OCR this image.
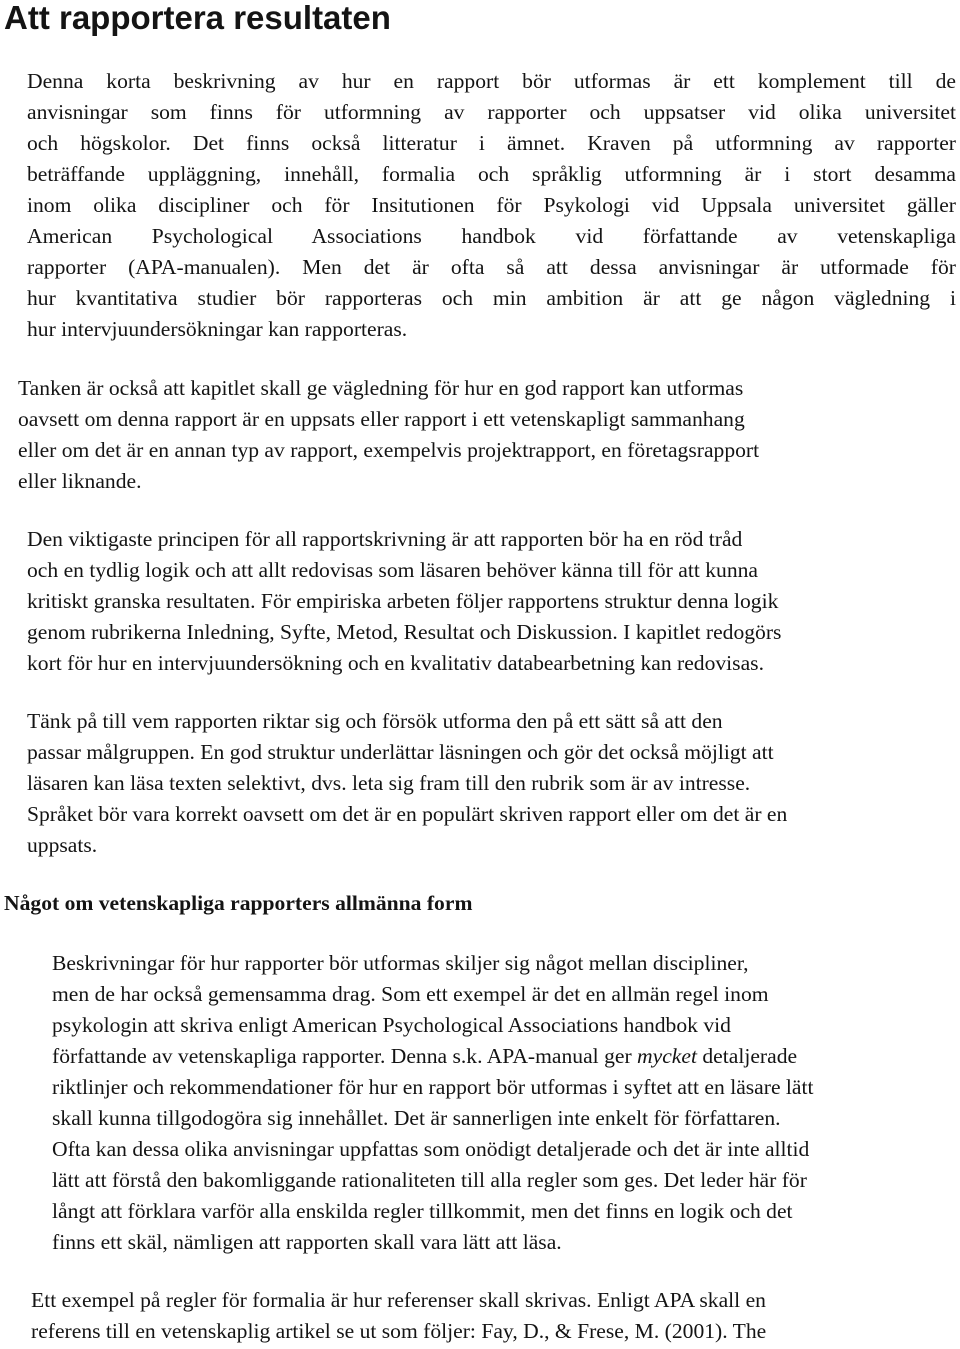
Att rapportera resultaten
Denna korta beskrivning av hur en rapport bör utformas är ett komplement till de
anvisningar som finns för utformning av rapporter och uppsatser vid olika universitet
och högskolor. Det finns också litteratur i ämnet. Kraven på utformning av rapporter
beträffande uppläggning, innehåll, formalia och språklig utformning är i stort desamma
inom olika discipliner och för Insitutionen för Psykologi vid Uppsala universitet gäller
American Psychological Associations handbok vid författande av vetenskapliga
rapporter (APA-manualen). Men det är ofta så att dessa anvisningar är utformade för
hur kvantitativa studier bör rapporteras och min ambition är att ge någon vägledning i
hur intervjuundersökningar kan rapporteras.
Tanken är också att kapitlet skall ge vägledning för hur en god rapport kan utformas
oavsett om denna rapport är en uppsats eller rapport i ett vetenskapligt sammanhang
eller om det är en annan typ av rapport, exempelvis projektrapport, en företagsrapport
eller liknande.
Den viktigaste principen för all rapportskrivning är att rapporten bör ha en röd tråd
och en tydlig logik och att allt redovisas som läsaren behöver känna till för att kunna
kritiskt granska resultaten. För empiriska arbeten följer rapportens struktur denna logik
genom rubrikerna Inledning, Syfte, Metod, Resultat och Diskussion. I kapitlet redogörs
kort för hur en intervjuundersökning och en kvalitativ databearbetning kan redovisas.
Tänk på till vem rapporten riktar sig och försök utforma den på ett sätt så att den
passar målgruppen. En god struktur underlättar läsningen och gör det också möjligt att
läsaren kan läsa texten selektivt, dvs. leta sig fram till den rubrik som är av intresse.
Språket bör vara korrekt oavsett om det är en populärt skriven rapport eller om det är en
uppsats.
Något om vetenskapliga rapporters allmänna form
Beskrivningar för hur rapporter bör utformas skiljer sig något mellan discipliner,
men de har också gemensamma drag. Som ett exempel är det en allmän regel inom
psykologin att skriva enligt American Psychological Associations handbok vid
författande av vetenskapliga rapporter. Denna s.k. APA-manual ger mycket detaljerade
riktlinjer och rekommendationer för hur en rapport bör utformas i syftet att en läsare lätt
skall kunna tillgodogöra sig innehållet. Det är sannerligen inte enkelt för författaren.
Ofta kan dessa olika anvisningar uppfattas som onödigt detaljerade och det är inte alltid
lätt att förstå den bakomliggande rationaliteten till alla regler som ges. Det leder här för
långt att förklara varför alla enskilda regler tillkommit, men det finns en logik och det
finns ett skäl, nämligen att rapporten skall vara lätt att läsa.
Ett exempel på regler för formalia är hur referenser skall skrivas. Enligt APA skall en
referens till en vetenskaplig artikel se ut som följer: Fay, D., & Frese, M. (2001). The
